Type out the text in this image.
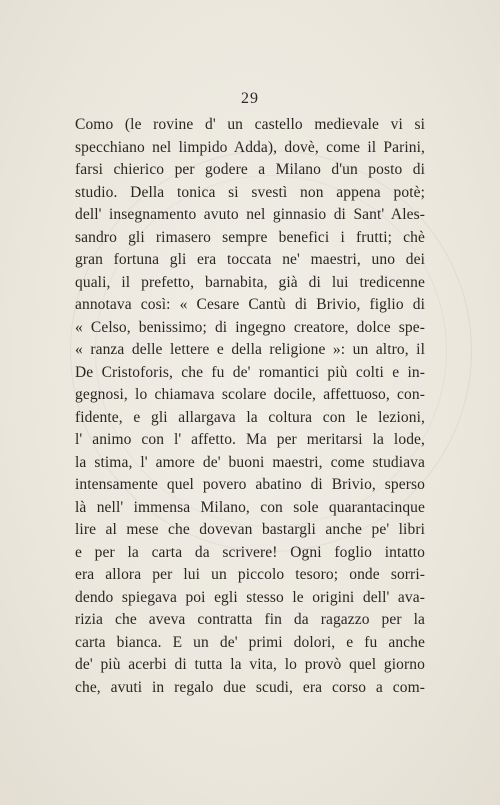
29
Como (le rovine d' un castello medievale vi si
specchiano nel limpido Adda), dovè, come il Parini,
farsi chierico per godere a Milano d'un posto di
studio. Della tonica si svestì non appena potè;
dell' insegnamento avuto nel ginnasio di Sant' Ales-
sandro gli rimasero sempre benefici i frutti; chè
gran fortuna gli era toccata ne' maestri, uno dei
quali, il prefetto, barnabita, già di lui tredicenne
annotava così: « Cesare Cantù di Brivio, figlio di
« Celso, benissimo; di ingegno creatore, dolce spe-
« ranza delle lettere e della religione »: un altro, il
De Cristoforis, che fu de' romantici più colti e in-
gegnosi, lo chiamava scolare docile, affettuoso, con-
fidente, e gli allargava la coltura con le lezioni,
l' animo con l' affetto. Ma per meritarsi la lode,
la stima, l' amore de' buoni maestri, come studiava
intensamente quel povero abatino di Brivio, sperso
là nell' immensa Milano, con sole quarantacinque
lire al mese che dovevan bastargli anche pe' libri
e per la carta da scrivere! Ogni foglio intatto
era allora per lui un piccolo tesoro; onde sorri-
dendo spiegava poi egli stesso le origini dell' ava-
rizia che aveva contratta fin da ragazzo per la
carta bianca. E un de' primi dolori, e fu anche
de' più acerbi di tutta la vita, lo provò quel giorno
che, avuti in regalo due scudi, era corso a com-
